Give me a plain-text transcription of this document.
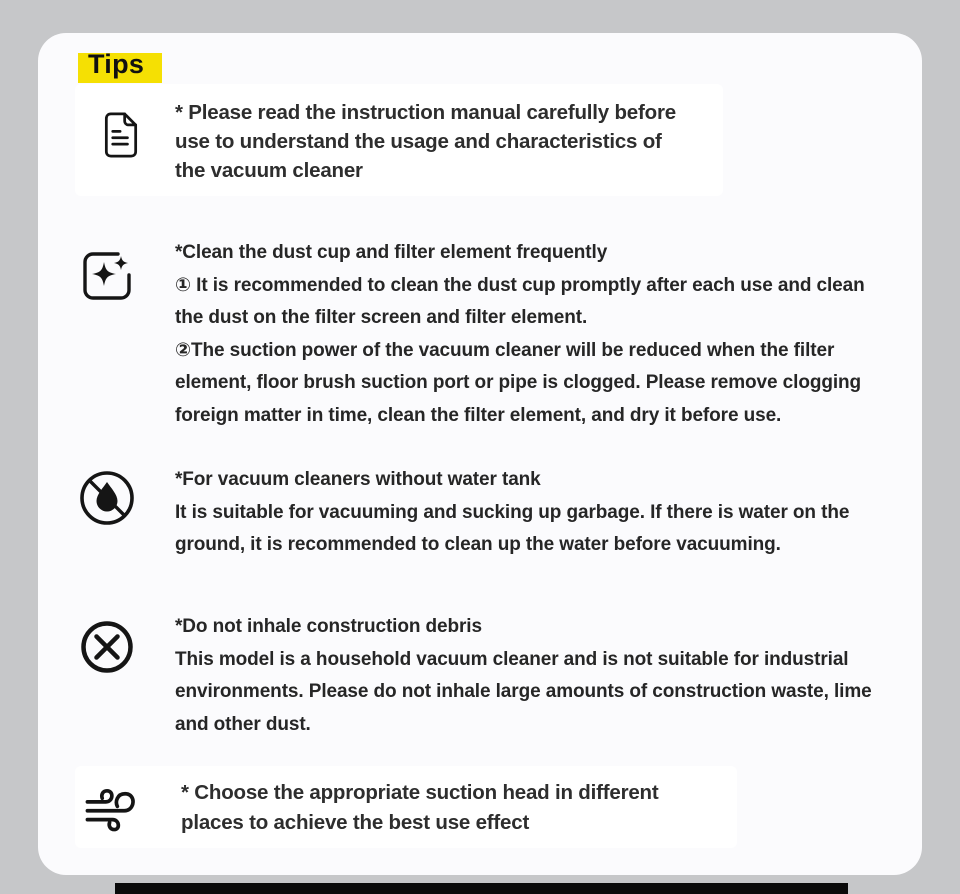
Tips
* Please read the instruction manual carefully before
use to understand the usage and characteristics of
the vacuum cleaner
*Clean the dust cup and filter element frequently
① It is recommended to clean the dust cup promptly after each use and clean
the dust on the filter screen and filter element.
②The suction power of the vacuum cleaner will be reduced when the filter
element, floor brush suction port or pipe is clogged. Please remove clogging
foreign matter in time, clean the filter element, and dry it before use.
*For vacuum cleaners without water tank
It is suitable for vacuuming and sucking up garbage. If there is water on the
ground, it is recommended to clean up the water before vacuuming.
*Do not inhale construction debris
This model is a household vacuum cleaner and is not suitable for industrial
environments. Please do not inhale large amounts of construction waste, lime
and other dust.
* Choose the appropriate suction head in different
places to achieve the best use effect
